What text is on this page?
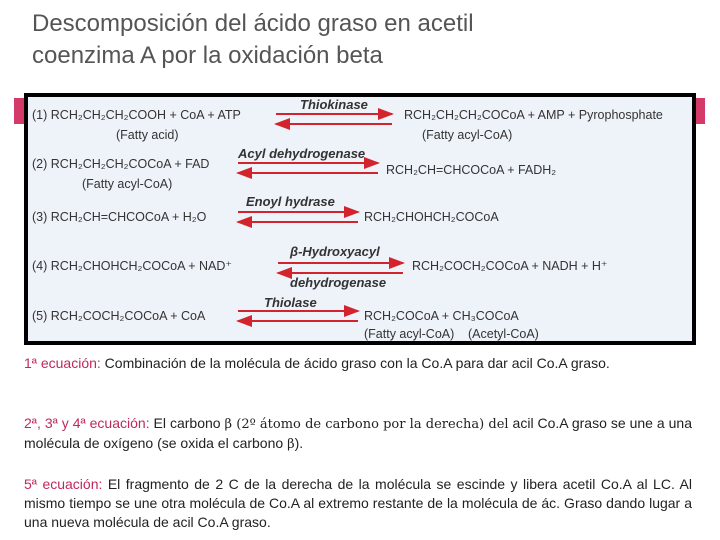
Descomposición del ácido graso en acetil
coenzima A por la oxidación beta
(1) RCH₂CH₂CH₂COOH + CoA + ATP
(Fatty acid)
Thiokinase
RCH₂CH₂CH₂COCoA + AMP + Pyrophosphate
(Fatty acyl-CoA)
(2) RCH₂CH₂CH₂COCoA + FAD
(Fatty acyl-CoA)
Acyl dehydrogenase
RCH₂CH=CHCOCoA + FADH₂
(3) RCH₂CH=CHCOCoA + H₂O
Enoyl hydrase
RCH₂CHOHCH₂COCoA
(4) RCH₂CHOHCH₂COCoA + NAD⁺
β-Hydroxyacyl
dehydrogenase
RCH₂COCH₂COCoA + NADH + H⁺
(5) RCH₂COCH₂COCoA + CoA
Thiolase
RCH₂COCoA + CH₃COCoA
(Fatty acyl-CoA) (Acetyl-CoA)

1ª ecuación: Combinación de la molécula de ácido graso con la Co.A para dar acil Co.A graso.

2ª, 3ª y 4ª ecuación: El carbono β (2º átomo de carbono por la derecha) del acil Co.A graso se une a una molécula de oxígeno (se oxida el carbono β).

5ª ecuación: El fragmento de 2 C de la derecha de la molécula se escinde y libera acetil Co.A al LC. Al mismo tiempo se une otra molécula de Co.A al extremo restante de la molécula de ác. Graso dando lugar a una nueva molécula de acil Co.A graso.
